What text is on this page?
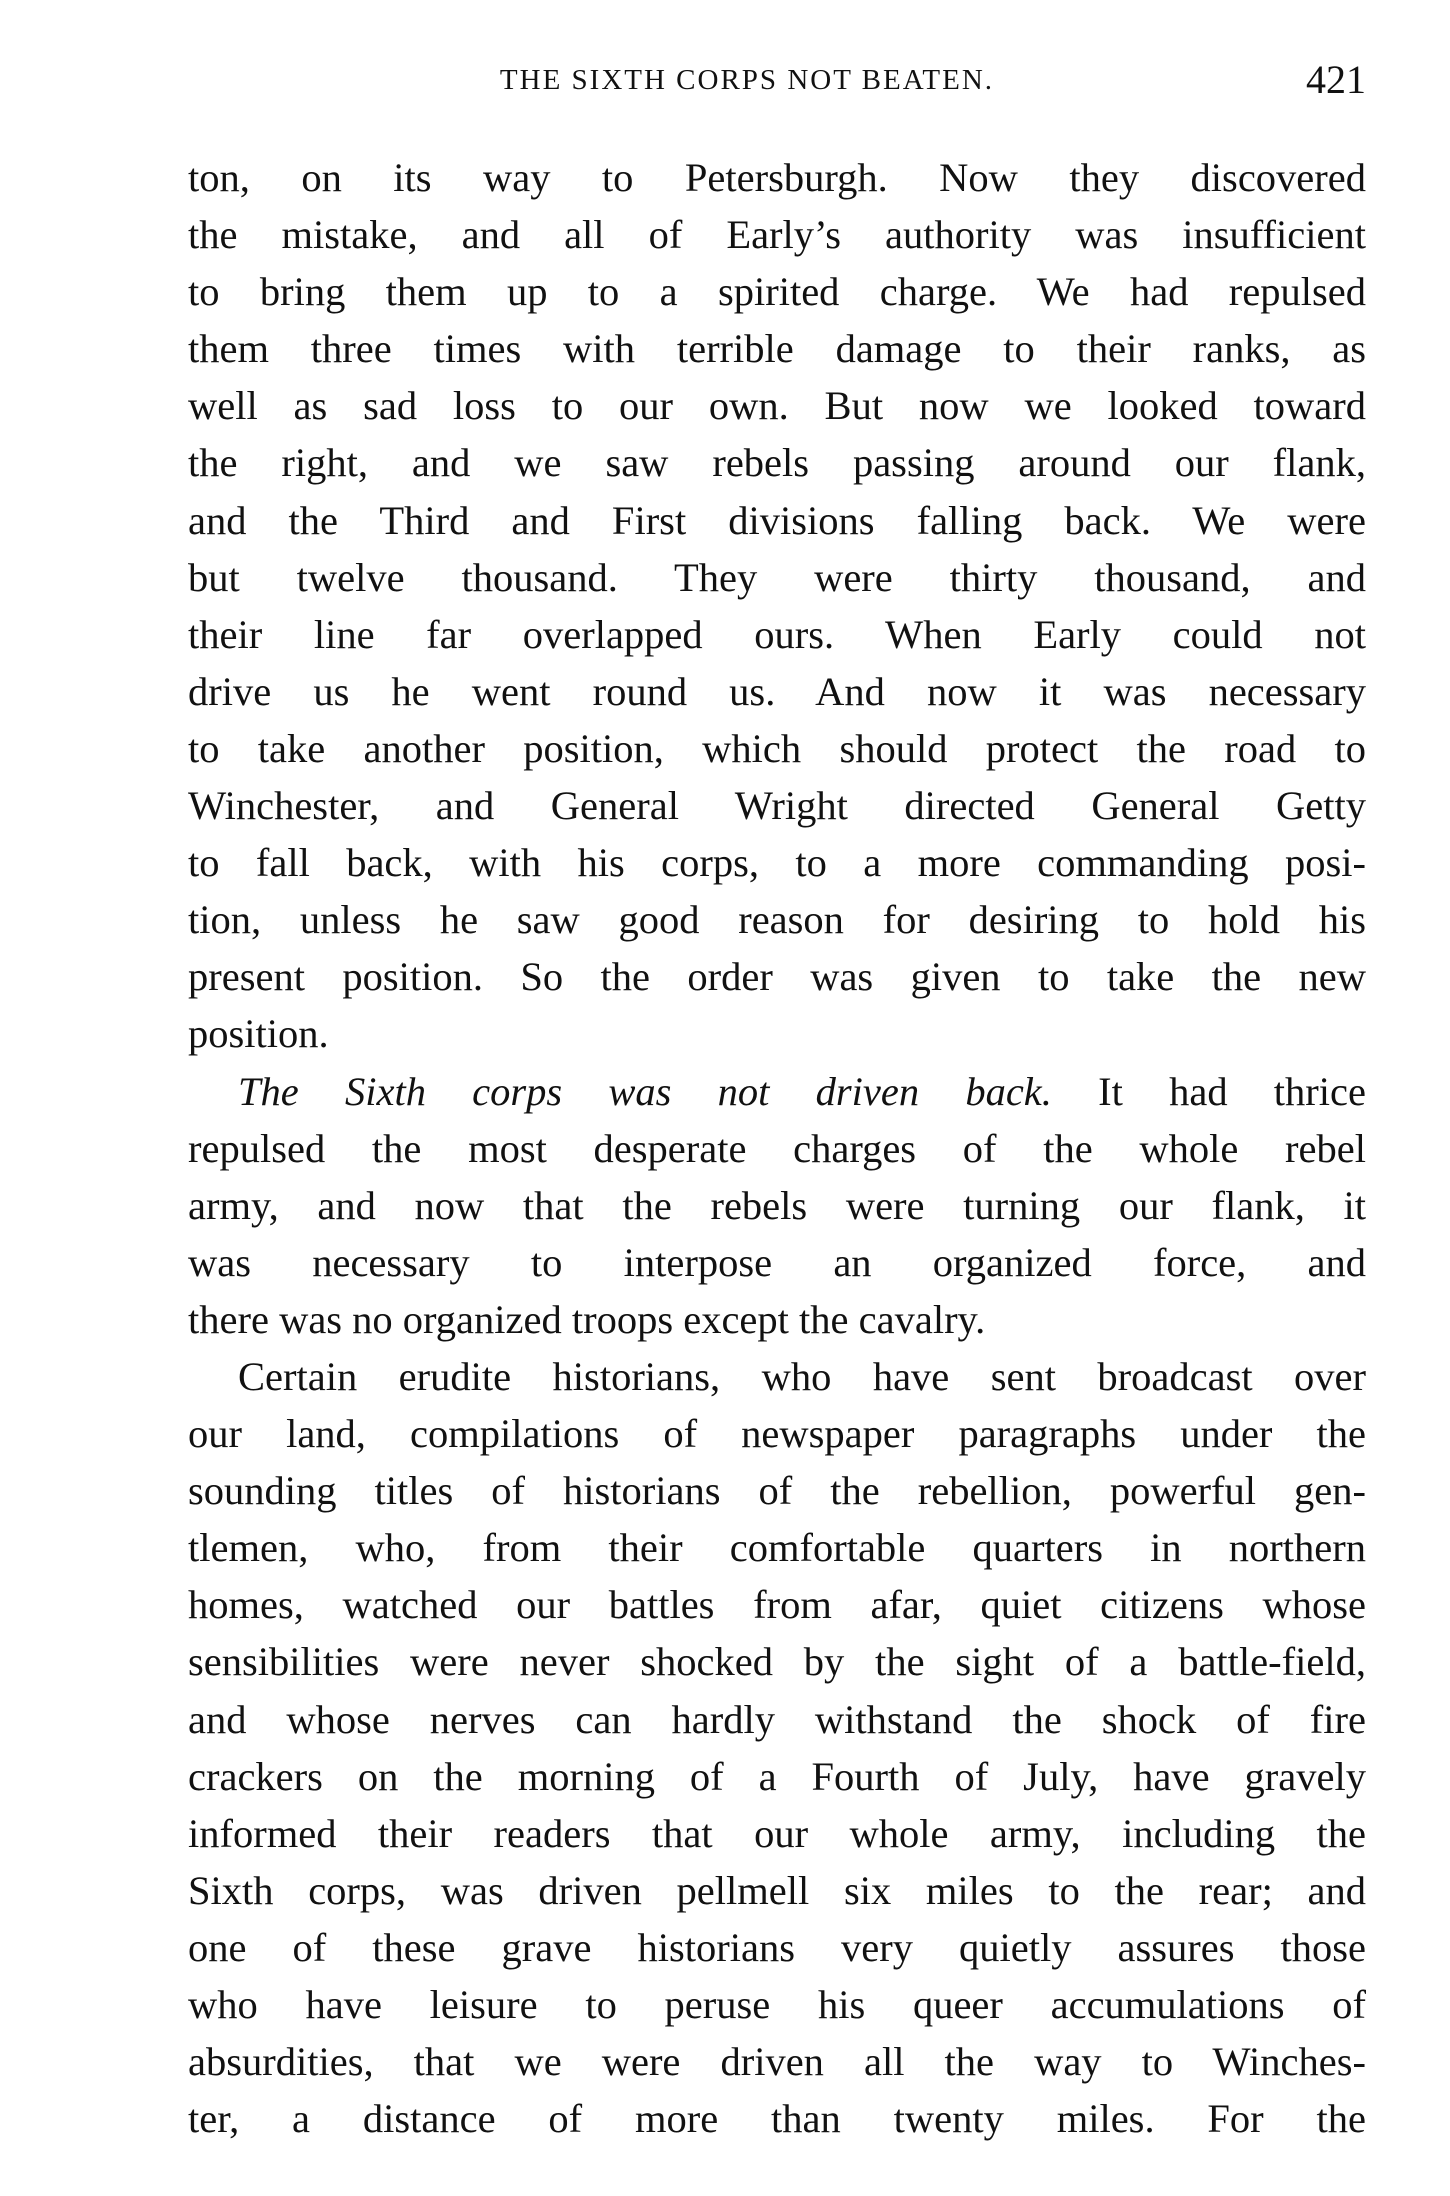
THE SIXTH CORPS NOT BEATEN.	421
ton, on its way to Petersburgh. Now they discovered
the mistake, and all of Early’s authority was insufficient
to bring them up to a spirited charge. We had repulsed
them three times with terrible damage to their ranks, as
well as sad loss to our own. But now we looked toward
the right, and we saw rebels passing around our flank,
and the Third and First divisions falling back. We were
but twelve thousand. They were thirty thousand, and
their line far overlapped ours. When Early could not
drive us he went round us. And now it was necessary
to take another position, which should protect the road to
Winchester, and General Wright directed General Getty
to fall back, with his corps, to a more commanding posi-
tion, unless he saw good reason for desiring to hold his
present position. So the order was given to take the new
position.
The Sixth corps was not driven back. It had thrice
repulsed the most desperate charges of the whole rebel
army, and now that the rebels were turning our flank, it
was necessary to interpose an organized force, and
there was no organized troops except the cavalry.
Certain erudite historians, who have sent broadcast over
our land, compilations of newspaper paragraphs under the
sounding titles of historians of the rebellion, powerful gen-
tlemen, who, from their comfortable quarters in northern
homes, watched our battles from afar, quiet citizens whose
sensibilities were never shocked by the sight of a battle-field,
and whose nerves can hardly withstand the shock of fire
crackers on the morning of a Fourth of July, have gravely
informed their readers that our whole army, including the
Sixth corps, was driven pellmell six miles to the rear; and
one of these grave historians very quietly assures those
who have leisure to peruse his queer accumulations of
absurdities, that we were driven all the way to Winches-
ter, a distance of more than twenty miles. For the
